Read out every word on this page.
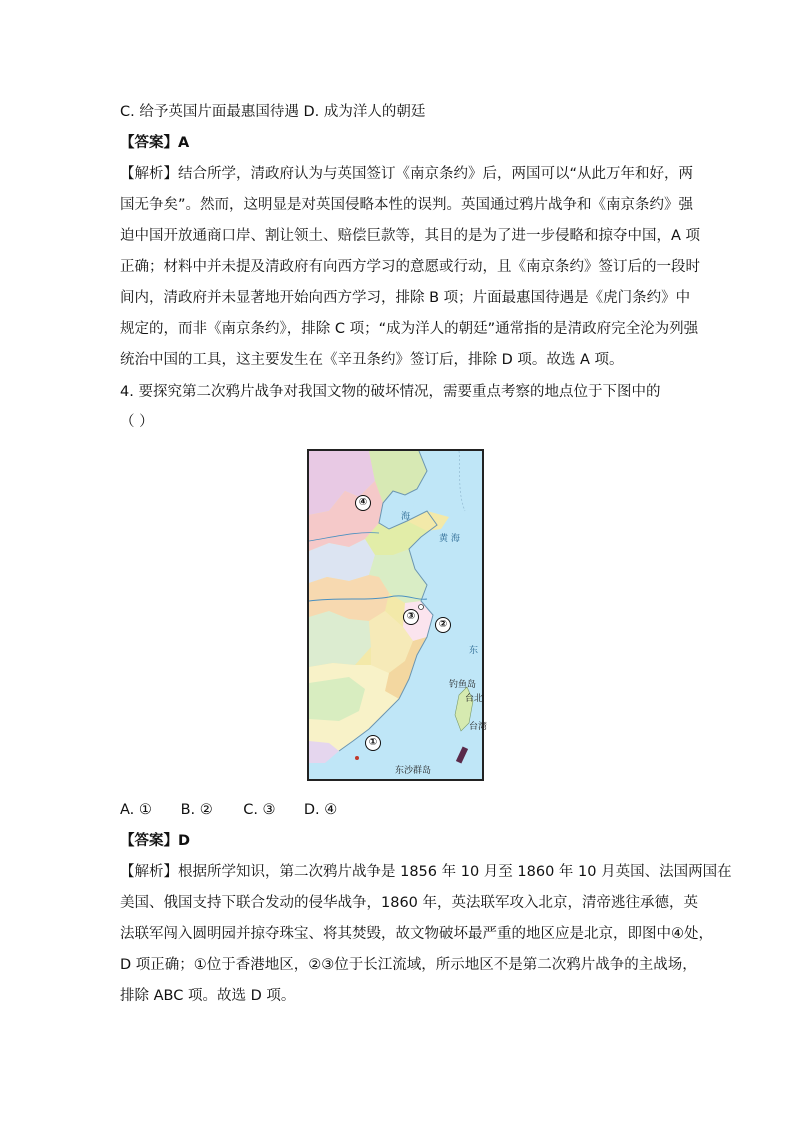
C. 给予英国片面最惠国待遇 D. 成为洋人的朝廷
【答案】A
【解析】结合所学，清政府认为与英国签订《南京条约》后，两国可以“从此万年和好，两
国无争矣”。然而，这明显是对英国侵略本性的误判。英国通过鸦片战争和《南京条约》强
迫中国开放通商口岸、割让领土、赔偿巨款等，其目的是为了进一步侵略和掠夺中国，A 项
正确；材料中并未提及清政府有向西方学习的意愿或行动，且《南京条约》签订后的一段时
间内，清政府并未显著地开始向西方学习，排除 B 项；片面最惠国待遇是《虎门条约》中
规定的，而非《南京条约》，排除 C 项；“成为洋人的朝廷”通常指的是清政府完全沦为列强
统治中国的工具，这主要发生在《辛丑条约》签订后，排除 D 项。故选 A 项。
4. 要探究第二次鸦片战争对我国文物的破坏情况，需要重点考察的地点位于下图中的
（ ）
④
③
②
①
海
黄 海
东
钓鱼岛
台北
台湾
东沙群岛
A. ① B. ② C. ③ D. ④
【答案】D
【解析】根据所学知识，第二次鸦片战争是 1856 年 10 月至 1860 年 10 月英国、法国两国在
美国、俄国支持下联合发动的侵华战争，1860 年，英法联军攻入北京，清帝逃往承德，英
法联军闯入圆明园并掠夺珠宝、将其焚毁，故文物破坏最严重的地区应是北京，即图中④处，
D 项正确；①位于香港地区，②③位于长江流域，所示地区不是第二次鸦片战争的主战场，
排除 ABC 项。故选 D 项。
